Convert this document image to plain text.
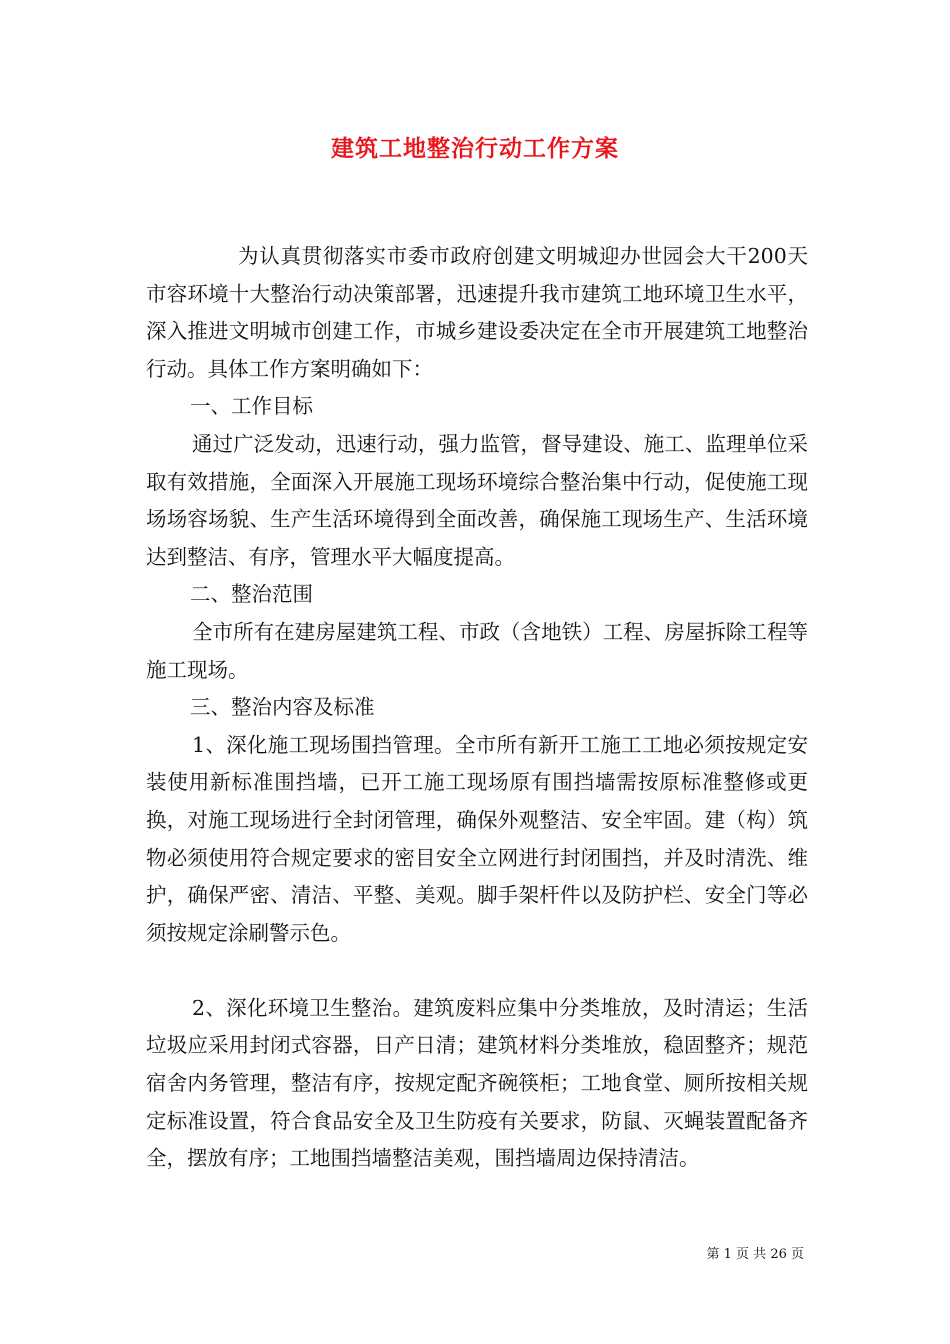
建筑工地整治行动工作方案

为认真贯彻落实市委市政府创建文明城迎办世园会大干200天市容环境十大整治行动决策部署，迅速提升我市建筑工地环境卫生水平，深入推进文明城市创建工作，市城乡建设委决定在全市开展建筑工地整治行动。具体工作方案明确如下：

一、工作目标

通过广泛发动，迅速行动，强力监管，督导建设、施工、监理单位采取有效措施，全面深入开展施工现场环境综合整治集中行动，促使施工现场场容场貌、生产生活环境得到全面改善，确保施工现场生产、生活环境达到整洁、有序，管理水平大幅度提高。

二、整治范围

全市所有在建房屋建筑工程、市政（含地铁）工程、房屋拆除工程等施工现场。

三、整治内容及标准

1、深化施工现场围挡管理。全市所有新开工施工工地必须按规定安装使用新标准围挡墙，已开工施工现场原有围挡墙需按原标准整修或更换，对施工现场进行全封闭管理，确保外观整洁、安全牢固。建（构）筑物必须使用符合规定要求的密目安全立网进行封闭围挡，并及时清洗、维护，确保严密、清洁、平整、美观。脚手架杆件以及防护栏、安全门等必须按规定涂刷警示色。

2、深化环境卫生整治。建筑废料应集中分类堆放，及时清运；生活垃圾应采用封闭式容器，日产日清；建筑材料分类堆放，稳固整齐；规范宿舍内务管理，整洁有序，按规定配齐碗筷柜；工地食堂、厕所按相关规定标准设置，符合食品安全及卫生防疫有关要求，防鼠、灭蝇装置配备齐全，摆放有序；工地围挡墙整洁美观，围挡墙周边保持清洁。

第 1 页 共 26 页
